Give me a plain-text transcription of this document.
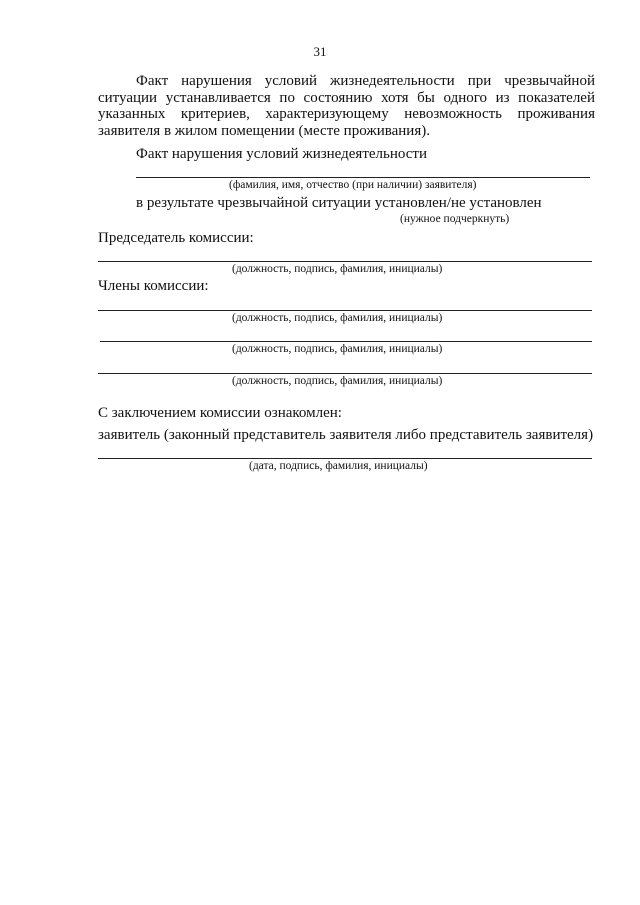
31
Факт нарушения условий жизнедеятельности при чрезвычайной ситуации устанавливается по состоянию хотя бы одного из показателей указанных критериев, характеризующему невозможность проживания заявителя в жилом помещении (месте проживания).
Факт нарушения условий жизнедеятельности
(фамилия, имя, отчество (при наличии) заявителя)
в результате чрезвычайной ситуации установлен/не установлен
(нужное подчеркнуть)
Председатель комиссии:
(должность, подпись, фамилия, инициалы)
Члены комиссии:
(должность, подпись, фамилия, инициалы)
(должность, подпись, фамилия, инициалы)
(должность, подпись, фамилия, инициалы)
С заключением комиссии ознакомлен:
заявитель (законный представитель заявителя либо представитель заявителя)
(дата, подпись, фамилия, инициалы)
